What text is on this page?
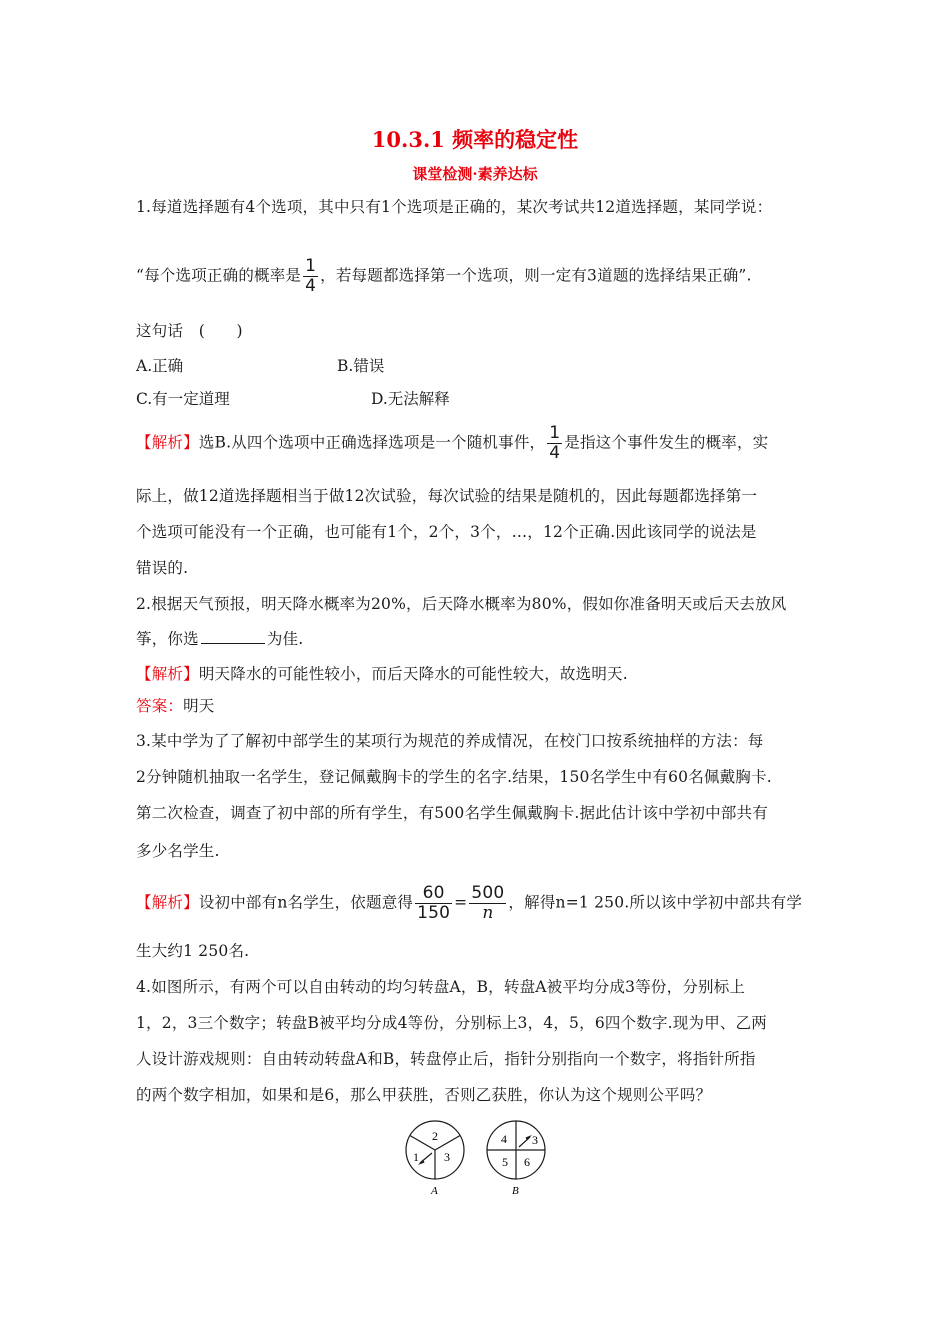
10.3.1 频率的稳定性
课堂检测·素养达标
1.每道选择题有4个选项，其中只有1个选项是正确的，某次考试共12道选择题，某同学说：
“每个选项正确的概率是 $\frac{1}{4}$ ，若每题都选择第一个选项，则一定有3道题的选择结果正确”.
这句话　(　　)
A.正确	B.错误
C.有一定道理	D.无法解释
【解析】选B.从四个选项中正确选择选项是一个随机事件， $\frac{1}{4}$ 是指这个事件发生的概率，实
际上，做12道选择题相当于做12次试验，每次试验的结果是随机的，因此每题都选择第一
个选项可能没有一个正确，也可能有1个，2个，3个，…，12个正确.因此该同学的说法是
错误的.
2.根据天气预报，明天降水概率为20%，后天降水概率为80%，假如你准备明天或后天去放风
筝，你选	为佳.
【解析】明天降水的可能性较小，而后天降水的可能性较大，故选明天.
答案：明天
3.某中学为了了解初中部学生的某项行为规范的养成情况，在校门口按系统抽样的方法：每
2分钟随机抽取一名学生，登记佩戴胸卡的学生的名字.结果，150名学生中有60名佩戴胸卡.
第二次检查，调查了初中部的所有学生，有500名学生佩戴胸卡.据此估计该中学初中部共有
多少名学生.
【解析】设初中部有n名学生，依题意得 $\frac{60}{150} = \frac{500}{n}$ ，解得n=1 250.所以该中学初中部共有学
生大约1 250名.
4.如图所示，有两个可以自由转动的均匀转盘A，B，转盘A被平均分成3等份，分别标上
1，2，3三个数字；转盘B被平均分成4等份，分别标上3，4，5，6四个数字.现为甲、乙两
人设计游戏规则：自由转动转盘A和B，转盘停止后，指针分别指向一个数字，将指针所指
的两个数字相加，如果和是6，那么甲获胜，否则乙获胜，你认为这个规则公平吗？
2
1 3
A
4 3
5 6
B
